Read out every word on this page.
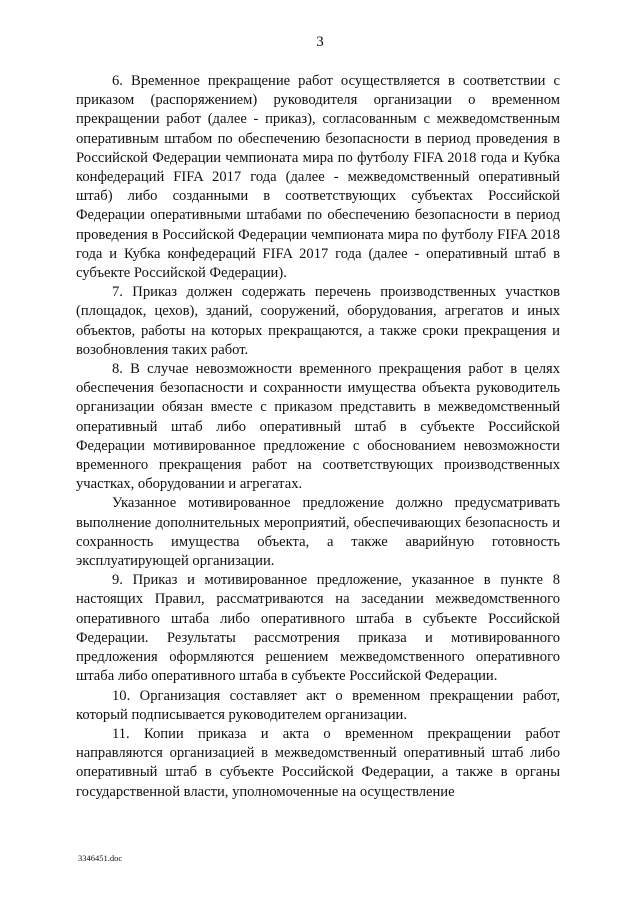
3

6. Временное прекращение работ осуществляется в соответствии с приказом (распоряжением) руководителя организации о временном прекращении работ (далее - приказ), согласованным с межведомственным оперативным штабом по обеспечению безопасности в период проведения в Российской Федерации чемпионата мира по футболу FIFA 2018 года и Кубка конфедераций FIFA 2017 года (далее - межведомственный оперативный штаб) либо созданными в соответствующих субъектах Российской Федерации оперативными штабами по обеспечению безопасности в период проведения в Российской Федерации чемпионата мира по футболу FIFA 2018 года и Кубка конфедераций FIFA 2017 года (далее - оперативный штаб в субъекте Российской Федерации).

7. Приказ должен содержать перечень производственных участков (площадок, цехов), зданий, сооружений, оборудования, агрегатов и иных объектов, работы на которых прекращаются, а также сроки прекращения и возобновления таких работ.

8. В случае невозможности временного прекращения работ в целях обеспечения безопасности и сохранности имущества объекта руководитель организации обязан вместе с приказом представить в межведомственный оперативный штаб либо оперативный штаб в субъекте Российской Федерации мотивированное предложение с обоснованием невозможности временного прекращения работ на соответствующих производственных участках, оборудовании и агрегатах.

Указанное мотивированное предложение должно предусматривать выполнение дополнительных мероприятий, обеспечивающих безопасность и сохранность имущества объекта, а также аварийную готовность эксплуатирующей организации.

9. Приказ и мотивированное предложение, указанное в пункте 8 настоящих Правил, рассматриваются на заседании межведомственного оперативного штаба либо оперативного штаба в субъекте Российской Федерации. Результаты рассмотрения приказа и мотивированного предложения оформляются решением межведомственного оперативного штаба либо оперативного штаба в субъекте Российской Федерации.

10. Организация составляет акт о временном прекращении работ, который подписывается руководителем организации.

11. Копии приказа и акта о временном прекращении работ направляются организацией в межведомственный оперативный штаб либо оперативный штаб в субъекте Российской Федерации, а также в органы государственной власти, уполномоченные на осуществление

3346451.doc
